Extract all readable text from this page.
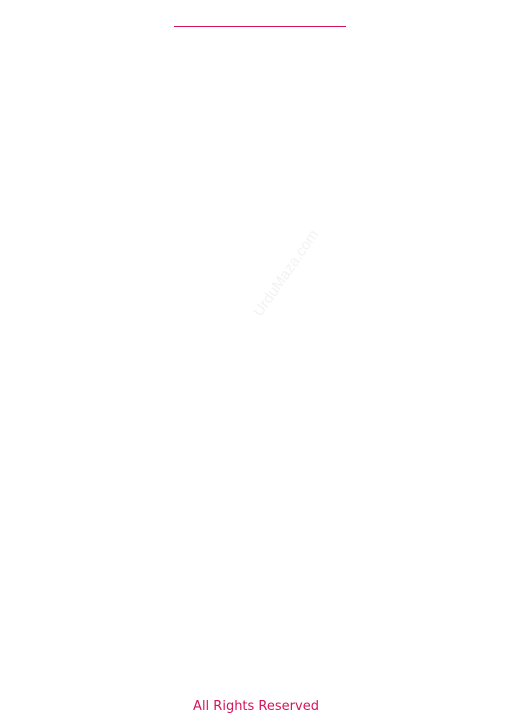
UrduMaza.com

All Rights Reserved
